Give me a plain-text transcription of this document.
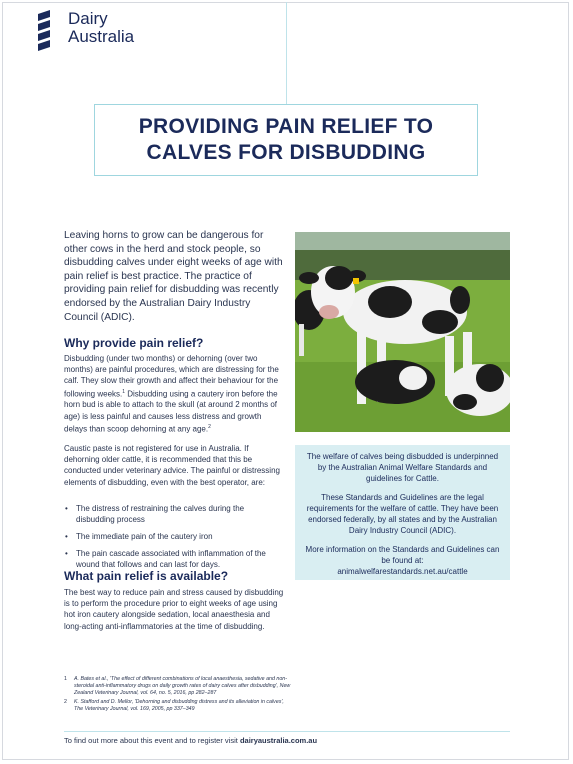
Dairy
Australia
PROVIDING PAIN RELIEF TO
CALVES FOR DISBUDDING
Leaving horns to grow can be dangerous for other cows in the herd and stock people, so disbudding calves under eight weeks of age with pain relief is best practice. The practice of providing pain relief for disbudding was recently endorsed by the Australian Dairy Industry Council (ADIC).
Why provide pain relief?

Disbudding (under two months) or dehorning (over two months) are painful procedures, which are distressing for the calf. They slow their growth and affect their behaviour for the following weeks.$^1$ Disbudding using a cautery iron before the horn bud is able to attach to the skull (at around 2 months of age) is less painful and causes less distress and growth delays than scoop dehorning at any age.$^2$

Caustic paste is not registered for use in Australia. If dehorning older cattle, it is recommended that this be conducted under veterinary advice. The painful or distressing elements of disbudding, even with the best operator, are:

• The distress of restraining the calves during the disbudding process
• The immediate pain of the cautery iron
• The pain cascade associated with inflammation of the wound that follows and can last for days.
What pain relief is available?

The best way to reduce pain and stress caused by disbudding is to perform the procedure prior to eight weeks of age using hot iron cautery alongside sedation, local anaesthesia and long-acting anti-inflammatories at the time of disbudding.

The welfare of calves being disbudded is underpinned by the Australian Animal Welfare Standards and guidelines for Cattle.

These Standards and Guidelines are the legal requirements for the welfare of cattle. They have been endorsed federally, by all states and by the Australian Dairy Industry Council (ADIC).

More information on the Standards and Guidelines can be found at:

animalwelfarestandards.net.au/cattle
1 A. Bates et al., 'The effect of different combinations of local anaesthesia, sedative and non-steroidal anti-inflammatory drugs on daily growth rates of dairy calves after disbudding', New Zealand Veterinary Journal, vol. 64, no. 5, 2016, pp 282–287
2 K. Stafford and D. Mellor, 'Dehorning and disbudding distress and its alleviation in calves', The Veterinary Journal, vol. 169, 2005, pp 337–349
To find out more about this event and to register visit dairyaustralia.com.au
